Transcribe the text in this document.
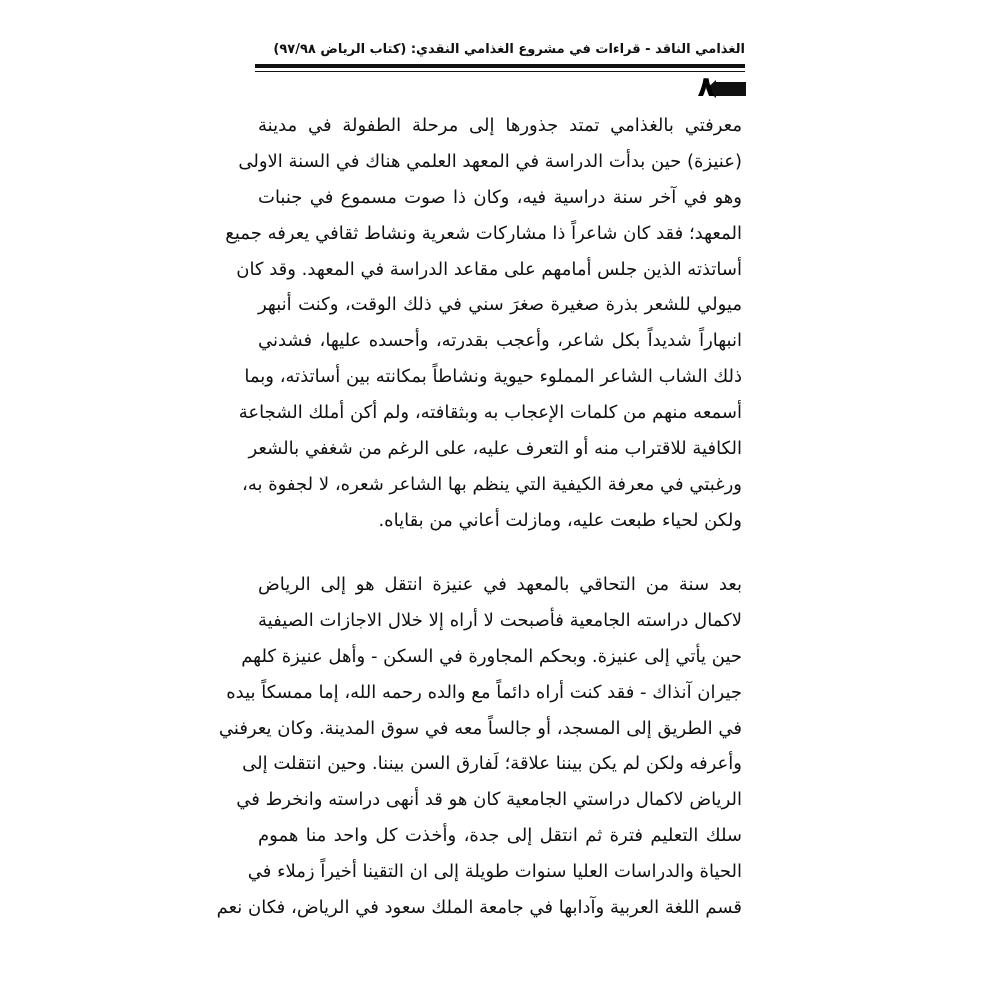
الغذامي الناقد - قراءات في مشروع الغذامي النقدي: (كتاب الرياض ٩٧/٩٨)
٨
معرفتي بالغذامي تمتد جذورها إلى مرحلة الطفولة في مدينة
(عنيزة) حين بدأت الدراسة في المعهد العلمي هناك في السنة الاولى
وهو في آخر سنة دراسية فيه، وكان ذا صوت مسموع في جنبات
المعهد؛ فقد كان شاعراً ذا مشاركات شعرية ونشاط ثقافي يعرفه جميع
أساتذته الذين جلس أمامهم على مقاعد الدراسة في المعهد. وقد كان
ميولي للشعر بذرة صغيرة صغرَ سني في ذلك الوقت، وكنت أنبهر
انبهاراً شديداً بكل شاعر، وأعجب بقدرته، وأحسده عليها، فشدني
ذلك الشاب الشاعر المملوء حيوية ونشاطاً بمكانته بين أساتذته، وبما
أسمعه منهم من كلمات الإعجاب به وبثقافته، ولم أكن أملك الشجاعة
الكافية للاقتراب منه أو التعرف عليه، على الرغم من شغفي بالشعر
ورغبتي في معرفة الكيفية التي ينظم بها الشاعر شعره، لا لجفوة به،
ولكن لحياء طبعت عليه، ومازلت أعاني من بقاياه.
بعد سنة من التحاقي بالمعهد في عنيزة انتقل هو إلى الرياض
لاكمال دراسته الجامعية فأصبحت لا أراه إلا خلال الاجازات الصيفية
حين يأتي إلى عنيزة. وبحكم المجاورة في السكن - وأهل عنيزة كلهم
جيران آنذاك - فقد كنت أراه دائماً مع والده رحمه الله، إما ممسكاً بيده
في الطريق إلى المسجد، أو جالساً معه في سوق المدينة. وكان يعرفني
وأعرفه ولكن لم يكن بيننا علاقة؛ لَفارق السن بيننا. وحين انتقلت إلى
الرياض لاكمال دراستي الجامعية كان هو قد أنهى دراسته وانخرط في
سلك التعليم فترة ثم انتقل إلى جدة، وأخذت كل واحد منا هموم
الحياة والدراسات العليا سنوات طويلة إلى ان التقينا أخيراً زملاء في
قسم اللغة العربية وآدابها في جامعة الملك سعود في الرياض، فكان نعم
